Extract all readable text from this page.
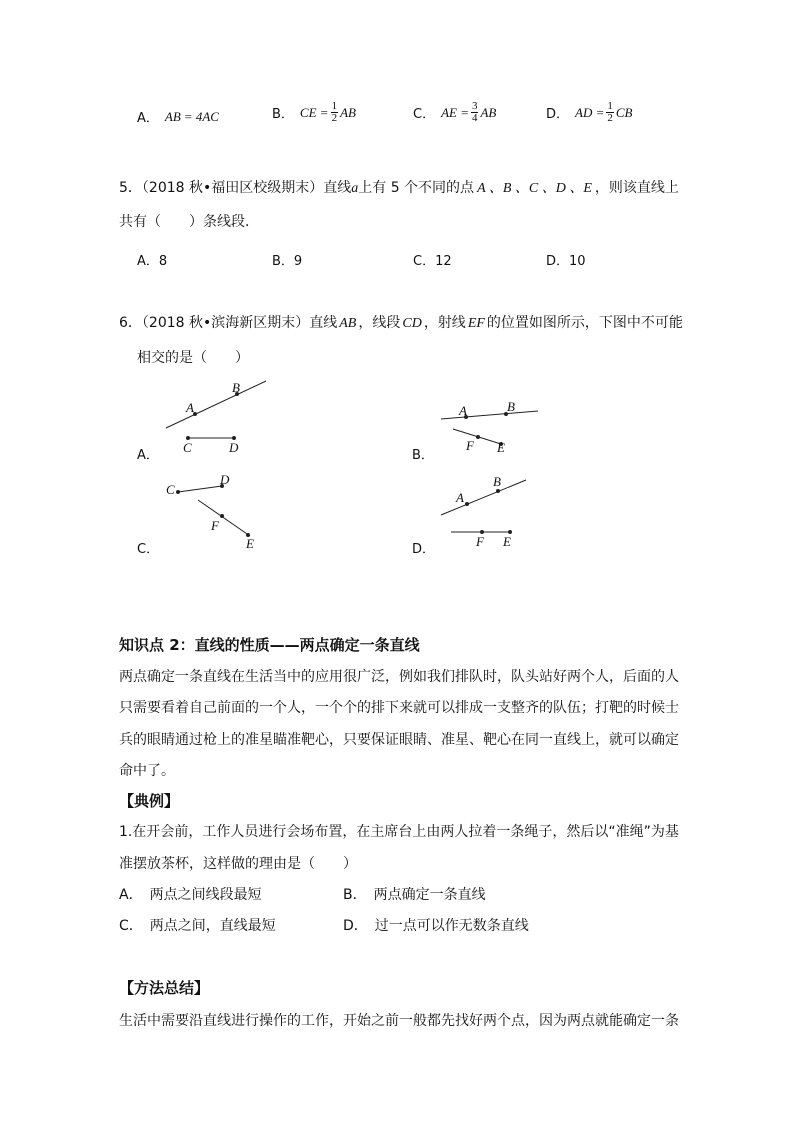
A． AB = 4AC	B． CE = $\frac{1}{2}$ AB	C． AE = $\frac{3}{4}$ AB	D． AD = $\frac{1}{2}$ CB
5．（2018 秋•福田区校级期末）直线a上有 5 个不同的点 A 、B 、C 、D 、E ，则该直线上
共有（　　）条线段．
A．8	B．9	C．12	D．10
6．（2018 秋•滨海新区期末）直线 AB ，线段 CD ，射线 EF 的位置如图所示，下图中不可能
相交的是（　　）
B
A
C	D
A	B
F E
C
D
F
E
A
B
F E
A．	B．
C．	D．
知识点 2：直线的性质——两点确定一条直线
两点确定一条直线在生活当中的应用很广泛，例如我们排队时，队头站好两个人，后面的人
只需要看着自己前面的一个人，一个个的排下来就可以排成一支整齐的队伍；打靶的时候士
兵的眼睛通过枪上的准星瞄准靶心，只要保证眼睛、准星、靶心在同一直线上，就可以确定
命中了。
【典例】
1.在开会前，工作人员进行会场布置，在主席台上由两人拉着一条绳子，然后以“准绳”为基
准摆放茶杯，这样做的理由是（　　）
A．　两点之间线段最短	B．　两点确定一条直线
C．　两点之间，直线最短	D．　过一点可以作无数条直线
【方法总结】
生活中需要沿直线进行操作的工作，开始之前一般都先找好两个点，因为两点就能确定一条
